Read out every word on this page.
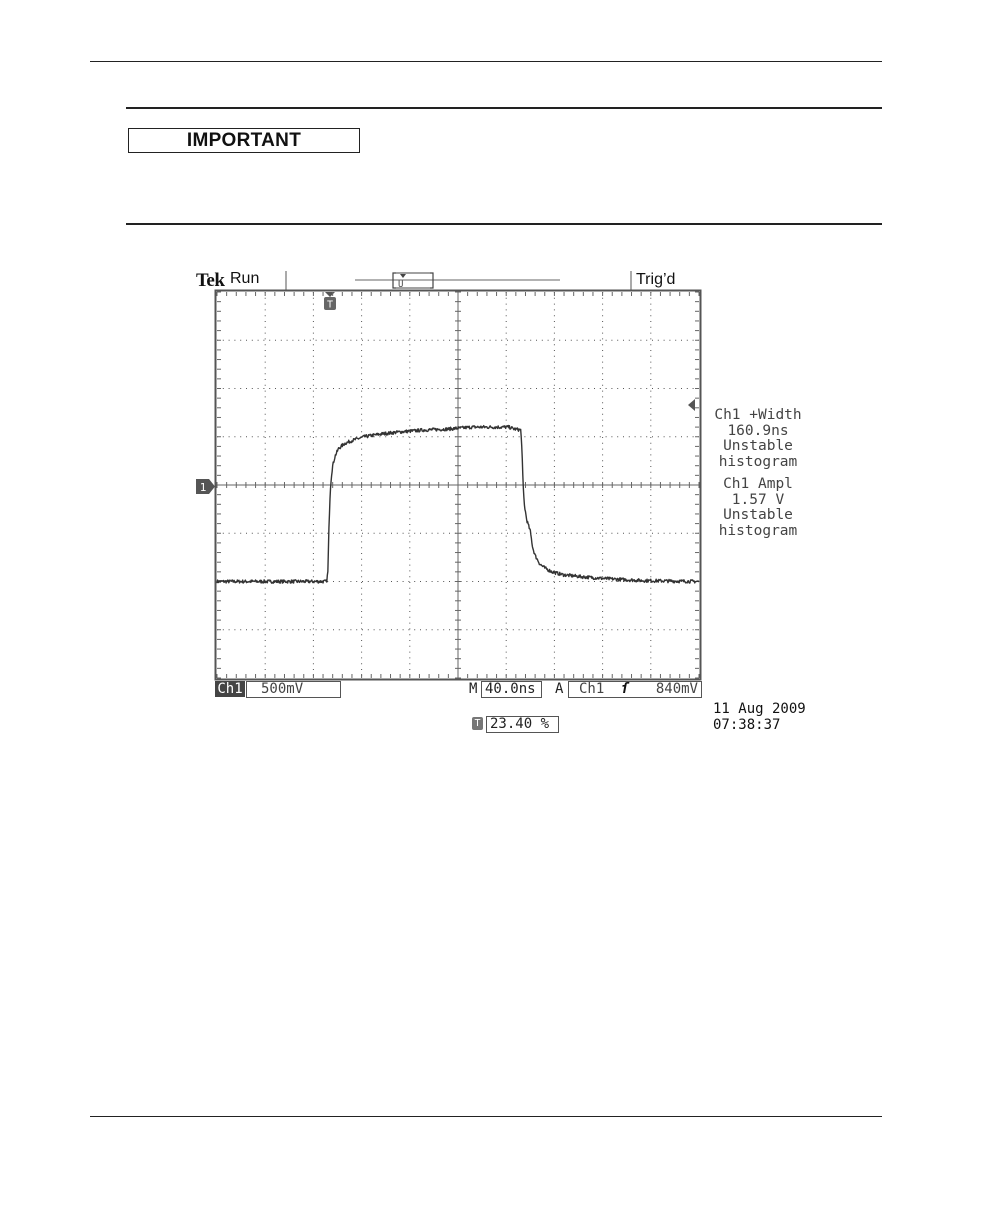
IMPORTANT
Tek Run	Trig’d
U
T
1
Ch1 +Width
160.9ns
Unstable
histogram
Ch1 Ampl
1.57 V
Unstable
histogram
Ch1	500mV	M 40.0ns	A	Ch1 ſ 840mV
T 23.40 %
11 Aug 2009
07:38:37
